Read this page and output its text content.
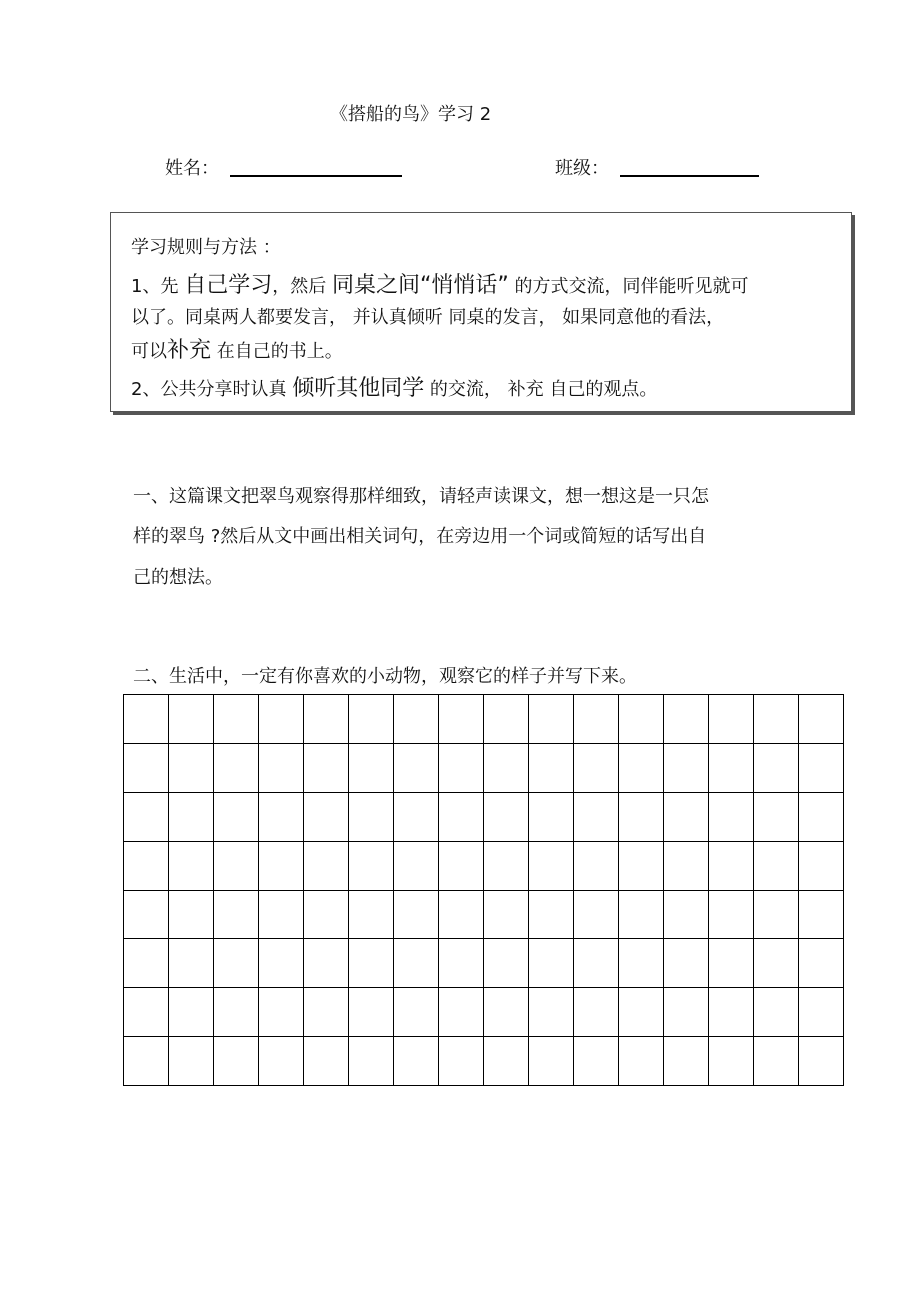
《搭船的鸟》学习 2
姓名：	班级：
学习规则与方法 ：
1、先 自己学习，然后 同桌之间“悄悄话” 的方式交流，同伴能听见就可
以了。同桌两人都要发言， 并认真倾听 同桌的发言， 如果同意他的看法，
可以补充 在自己的书上。
2、公共分享时认真 倾听其他同学 的交流， 补充 自己的观点。
一、这篇课文把翠鸟观察得那样细致，请轻声读课文，想一想这是一只怎
样的翠鸟 ?然后从文中画出相关词句，在旁边用一个词或简短的话写出自
己的想法。
二、生活中，一定有你喜欢的小动物，观察它的样子并写下来。
